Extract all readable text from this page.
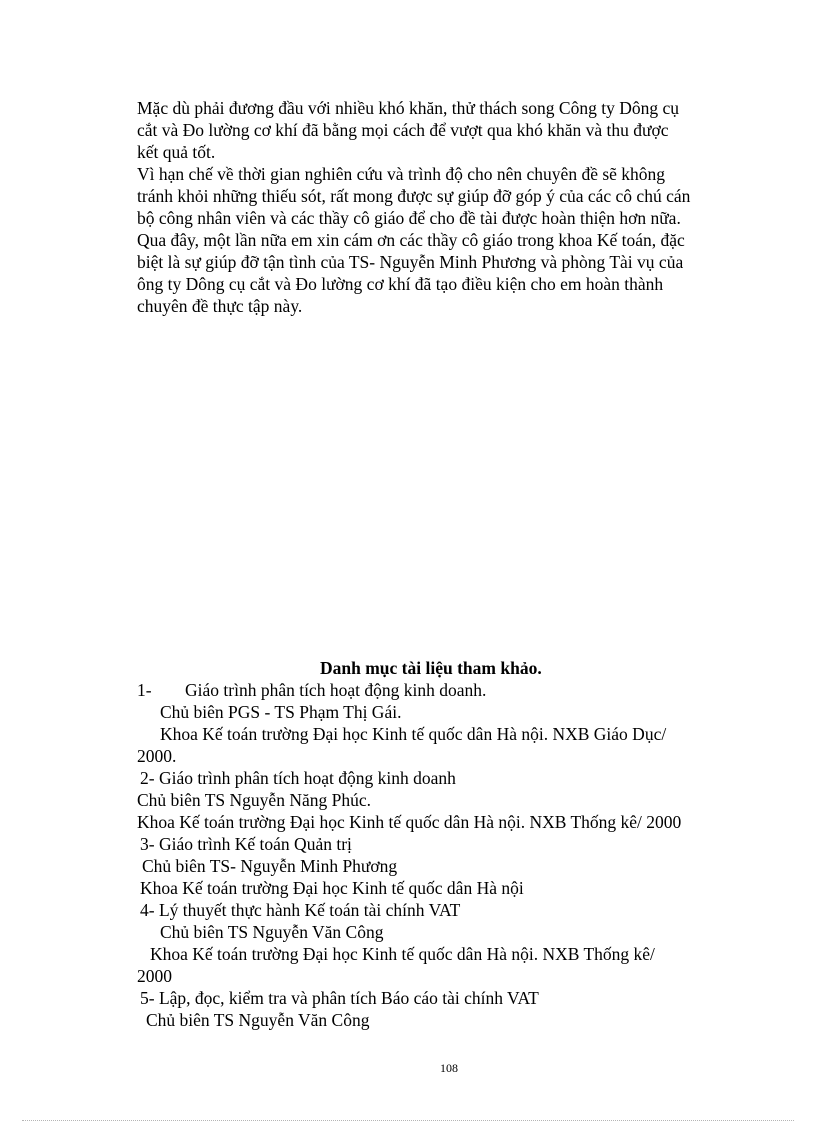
Mặc dù phải đương đầu với nhiều khó khăn, thử thách song Công ty Dông cụ
cắt và Đo lường cơ khí đã bằng mọi cách để vượt qua khó khăn và thu được
kết quả tốt.
Vì hạn chế về thời gian nghiên cứu và trình độ cho nên chuyên đề sẽ không
tránh khỏi những thiếu sót, rất mong được sự giúp đỡ góp ý của các cô chú cán
bộ công nhân viên và các thầy cô giáo để cho đề tài được hoàn thiện hơn nữa.
Qua đây, một lần nữa em xin cám ơn các thầy cô giáo trong khoa Kế toán, đặc
biệt là sự giúp đỡ tận tình của TS- Nguyễn Minh Phương và phòng Tài vụ của
ông ty Dông cụ cắt và Đo lường cơ khí đã tạo điều kiện cho em hoàn thành
chuyên đề thực tập này.
Danh mục tài liệu tham khảo.
1- Giáo trình phân tích hoạt động kinh doanh.
Chủ biên PGS - TS Phạm Thị Gái.
Khoa Kế toán trường Đại học Kinh tế quốc dân Hà nội. NXB Giáo Dục/
2000.
2- Giáo trình phân tích hoạt động kinh doanh
Chủ biên TS Nguyễn Năng Phúc.
Khoa Kế toán trường Đại học Kinh tế quốc dân Hà nội. NXB Thống kê/ 2000
3- Giáo trình Kế toán Quản trị
Chủ biên TS- Nguyễn Minh Phương
Khoa Kế toán trường Đại học Kinh tế quốc dân Hà nội
4- Lý thuyết thực hành Kế toán tài chính VAT
Chủ biên TS Nguyễn Văn Công
Khoa Kế toán trường Đại học Kinh tế quốc dân Hà nội. NXB Thống kê/
2000
5- Lập, đọc, kiểm tra và phân tích Báo cáo tài chính VAT
Chủ biên TS Nguyễn Văn Công
108
